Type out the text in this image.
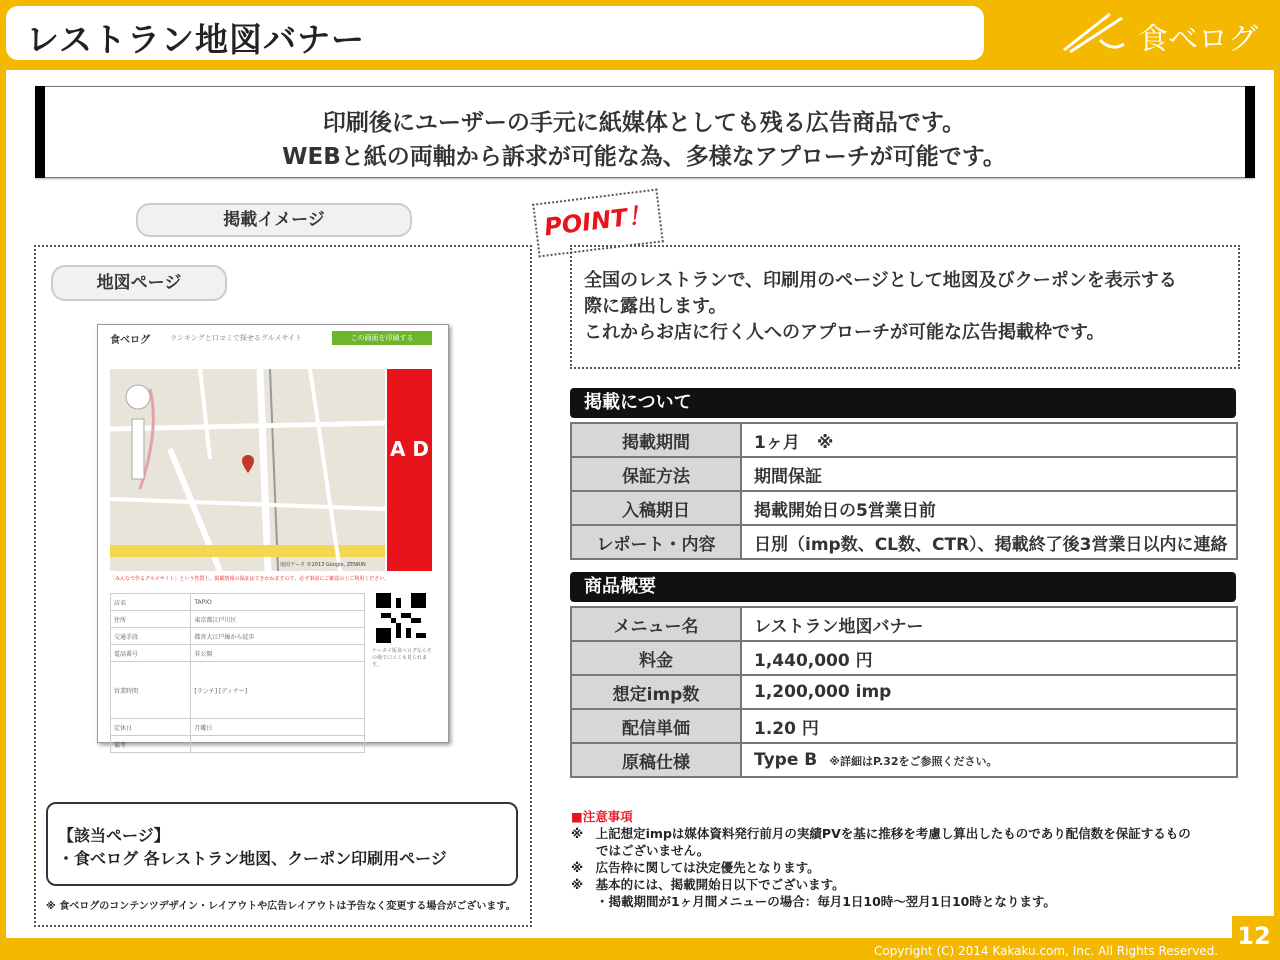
レストラン地図バナー	食べログ
印刷後にユーザーの手元に紙媒体としても残る広告商品です。
WEBと紙の両軸から訴求が可能な為、多様なアプローチが可能です。
掲載イメージ
地図ページ
食べログ	ランキングと口コミで探せるグルメサイト	この画面を印刷する
地図データ ©2013 Google, ZENRIN
A D
「みんなで作るグルメサイト」という性質上、掲載情報の保証はできかねますので、必ず事前にご確認の上ご利用ください。
店名	TAPIO
住所	東京都江戸川区
交通手段	都営大江戸線から徒歩
電話番号	非公開
営業時間	[ランチ] [ディナー]
定休日	月曜日
備考	
ケータイ版食べログならその場で口コミも見られます。
【該当ページ】
・食べログ 各レストラン地図、クーポン印刷用ページ
※ 食べログのコンテンツデザイン・レイアウトや広告レイアウトは予告なく変更する場合がございます。
POINT！
全国のレストランで、印刷用のページとして地図及びクーポンを表示する
際に露出します。
これからお店に行く人へのアプローチが可能な広告掲載枠です。
掲載について
掲載期間	1ヶ月　※
保証方法	期間保証
入稿期日	掲載開始日の5営業日前
レポート・内容	日別（imp数、CL数、CTR）、掲載終了後3営業日以内に連絡
商品概要
メニュー名	レストラン地図バナー
料金	1,440,000 円
想定imp数	1,200,000 imp
配信単価	1.20 円
原稿仕様	Type B ※詳細はP.32をご参照ください。
■注意事項
※　上記想定impは媒体資料発行前月の実績PVを基に推移を考慮し算出したものであり配信数を保証するもの
　　ではございません。
※　広告枠に関しては決定優先となります。
※　基本的には、掲載開始日以下でございます。
　　・掲載期間が1ヶ月間メニューの場合：毎月1日10時～翌月1日10時となります。
Copyright (C) 2014 Kakaku.com, Inc. All Rights Reserved.
12
